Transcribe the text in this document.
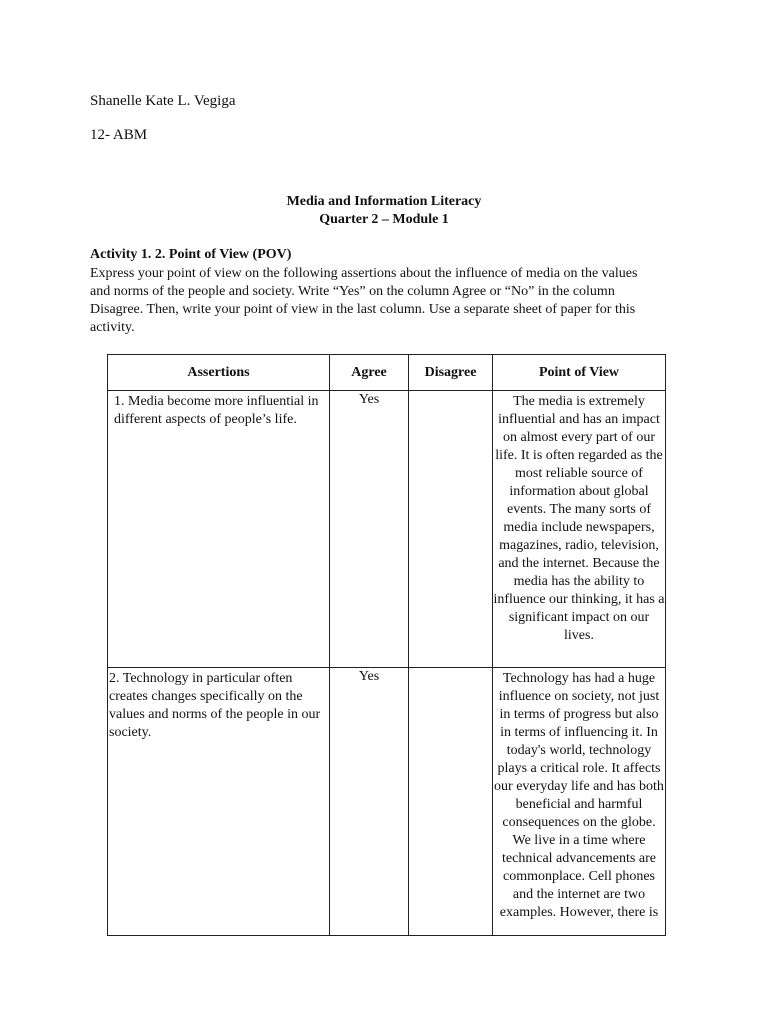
Shanelle Kate L. Vegiga
12- ABM
Media and Information Literacy
Quarter 2 – Module 1
Activity 1. 2. Point of View (POV)
Express your point of view on the following assertions about the influence of media on the values and norms of the people and society. Write “Yes” on the column Agree or “No” in the column Disagree. Then, write your point of view in the last column. Use a separate sheet of paper for this activity.
Assertions	Agree	Disagree	Point of View
1. Media become more influential in different aspects of people’s life.	Yes		The media is extremely influential and has an impact on almost every part of our life. It is often regarded as the most reliable source of information about global events. The many sorts of media include newspapers, magazines, radio, television, and the internet. Because the media has the ability to influence our thinking, it has a significant impact on our lives.
2. Technology in particular often creates changes specifically on the values and norms of the people in our society.	Yes		Technology has had a huge influence on society, not just in terms of progress but also in terms of influencing it. In today's world, technology plays a critical role. It affects our everyday life and has both beneficial and harmful consequences on the globe. We live in a time where technical advancements are commonplace. Cell phones and the internet are two examples. However, there is
